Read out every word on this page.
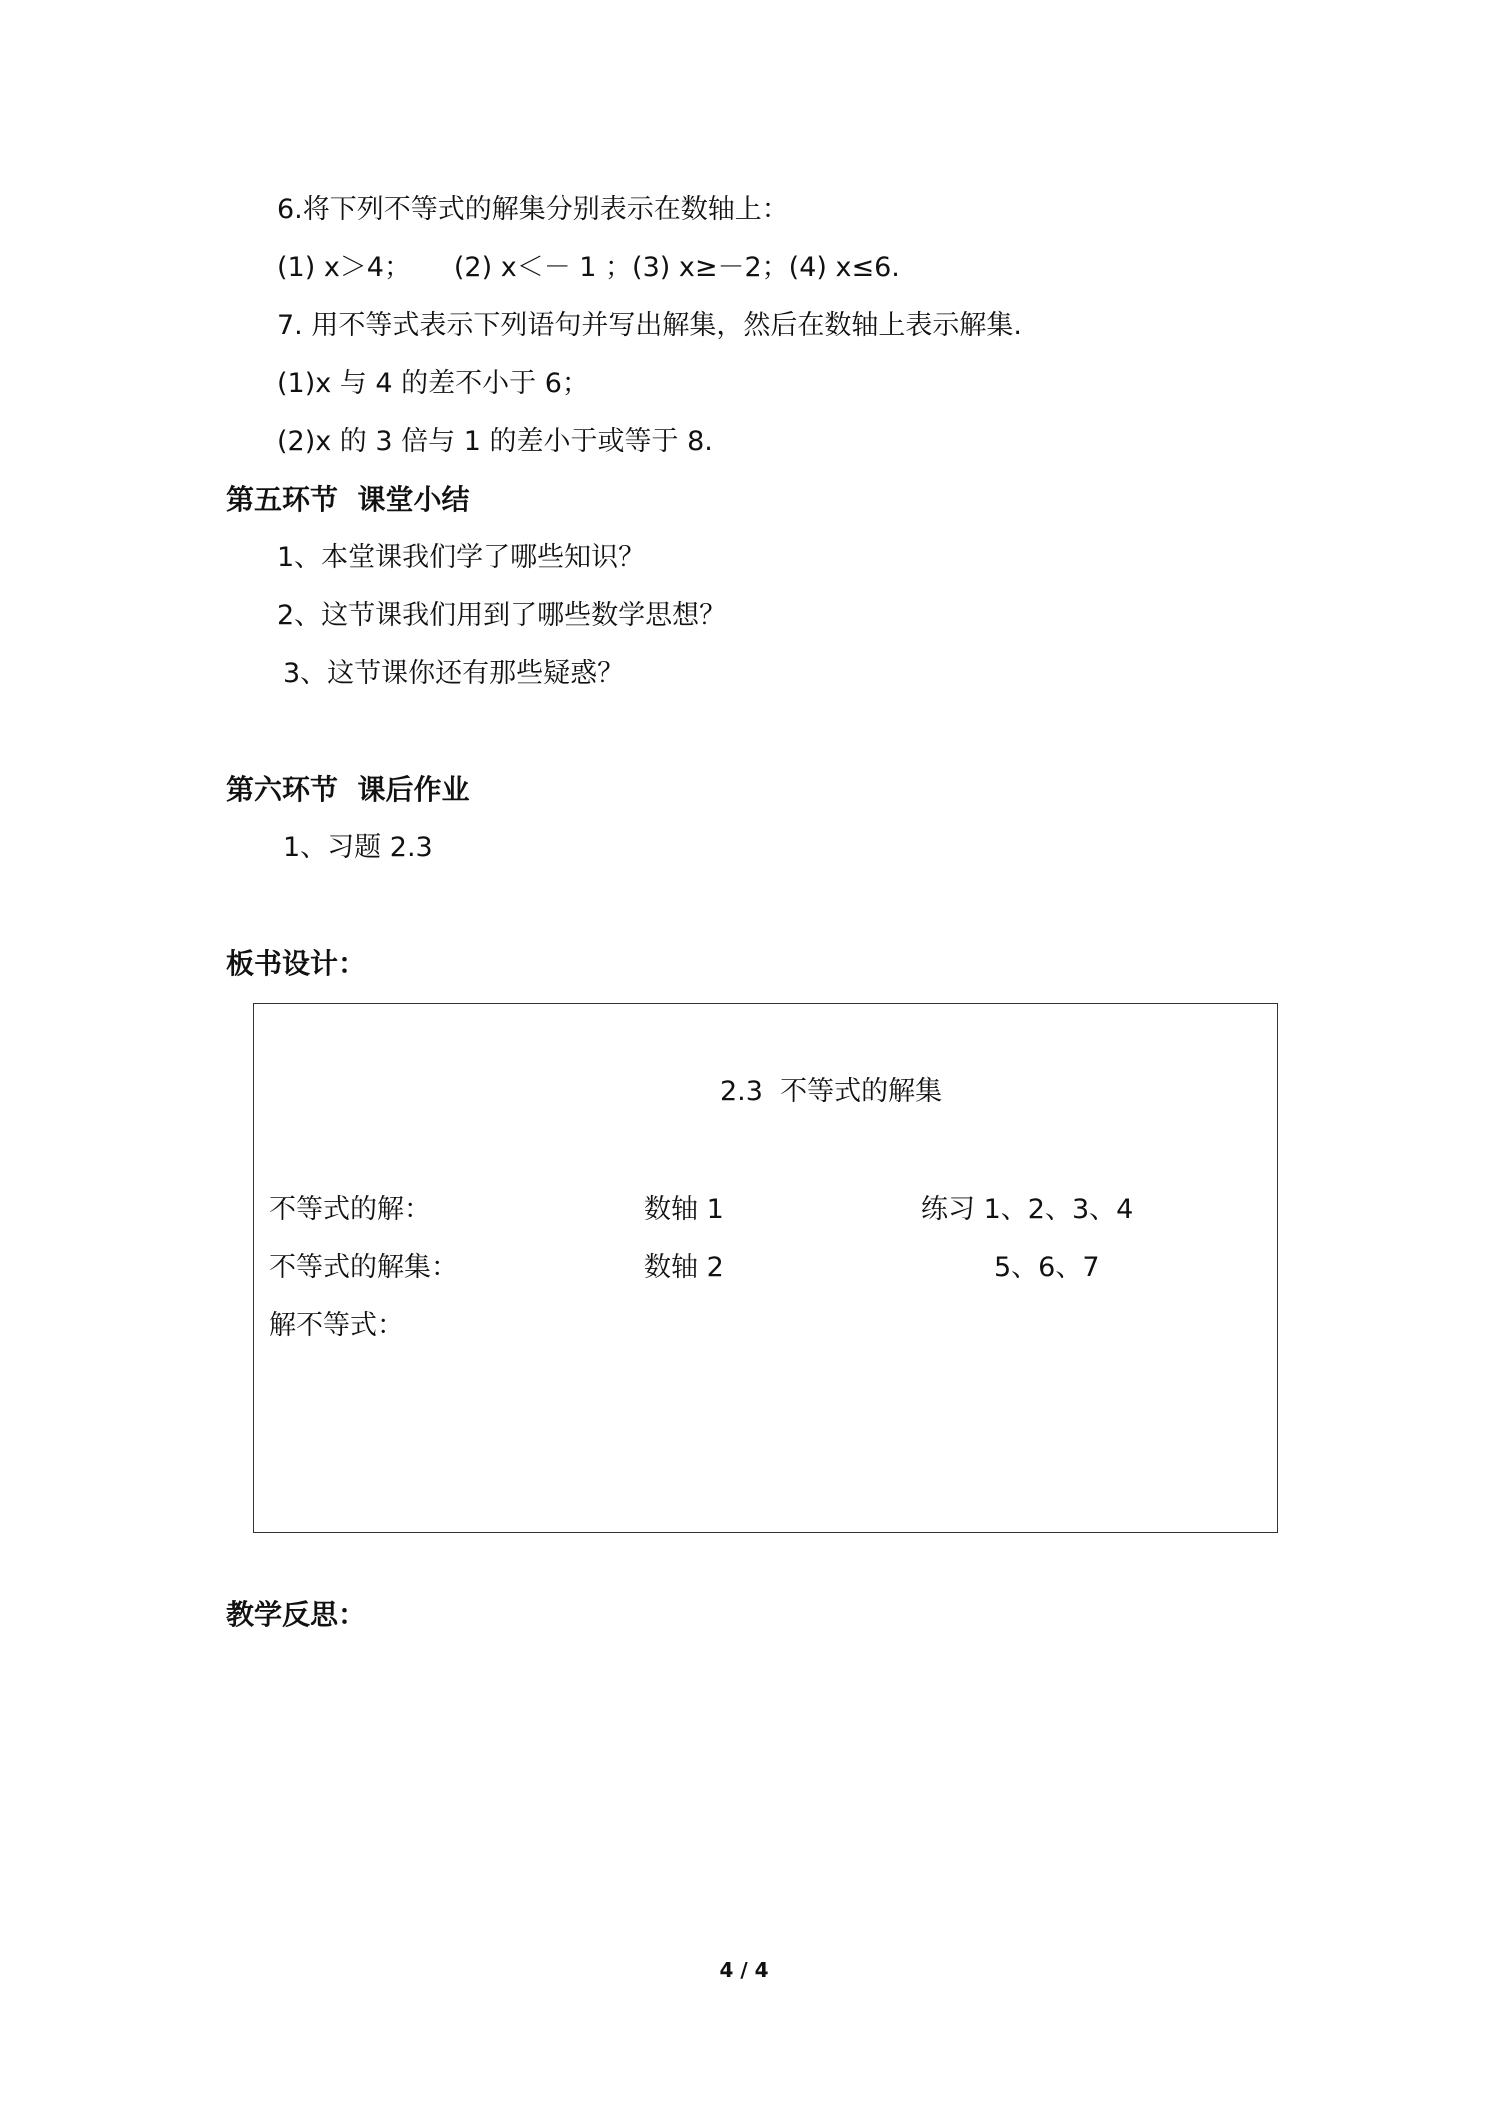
6.将下列不等式的解集分别表示在数轴上：
(1) x＞4；     (2) x＜－ 1 ；(3) x≥－2；(4) x≤6.
7. 用不等式表示下列语句并写出解集，然后在数轴上表示解集.
(1)x 与 4 的差不小于 6；
(2)x 的 3 倍与 1 的差小于或等于 8.
第五环节  课堂小结
1、本堂课我们学了哪些知识？
2、这节课我们用到了哪些数学思想？
3、这节课你还有那些疑惑？
第六环节  课后作业
1、习题 2.3
板书设计：
2.3  不等式的解集
不等式的解：
不等式的解集：
解不等式：
数轴 1
数轴 2
练习 1、2、3、4
5、6、7
教学反思：
4 / 4
